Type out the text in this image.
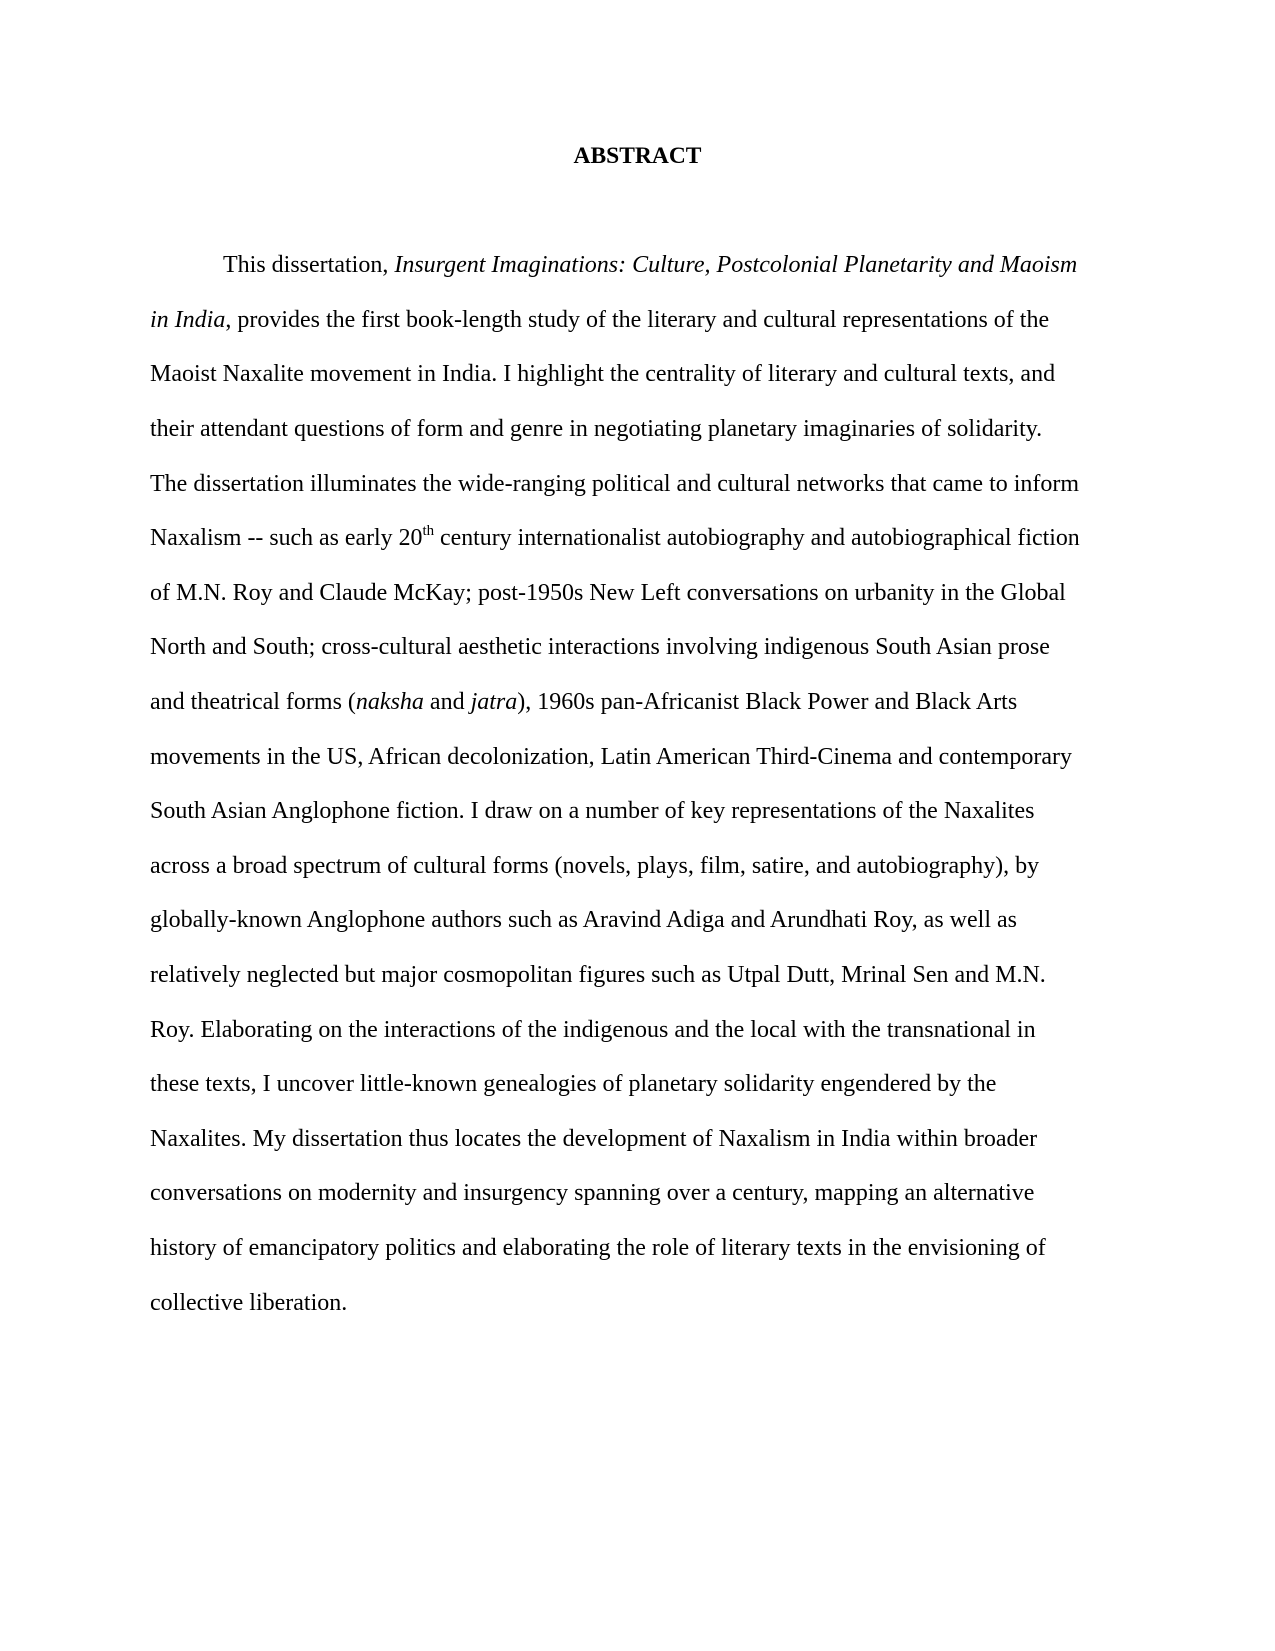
ABSTRACT

This dissertation, Insurgent Imaginations: Culture, Postcolonial Planetarity and Maoism

in India, provides the first book-length study of the literary and cultural representations of the

Maoist Naxalite movement in India. I highlight the centrality of literary and cultural texts, and

their attendant questions of form and genre in negotiating planetary imaginaries of solidarity.

The dissertation illuminates the wide-ranging political and cultural networks that came to inform

Naxalism -- such as early 20th century internationalist autobiography and autobiographical fiction

of M.N. Roy and Claude McKay; post-1950s New Left conversations on urbanity in the Global

North and South; cross-cultural aesthetic interactions involving indigenous South Asian prose

and theatrical forms (naksha and jatra), 1960s pan-Africanist Black Power and Black Arts

movements in the US, African decolonization, Latin American Third-Cinema and contemporary

South Asian Anglophone fiction. I draw on a number of key representations of the Naxalites

across a broad spectrum of cultural forms (novels, plays, film, satire, and autobiography), by

globally-known Anglophone authors such as Aravind Adiga and Arundhati Roy, as well as

relatively neglected but major cosmopolitan figures such as Utpal Dutt, Mrinal Sen and M.N.

Roy. Elaborating on the interactions of the indigenous and the local with the transnational in

these texts, I uncover little-known genealogies of planetary solidarity engendered by the

Naxalites. My dissertation thus locates the development of Naxalism in India within broader

conversations on modernity and insurgency spanning over a century, mapping an alternative

history of emancipatory politics and elaborating the role of literary texts in the envisioning of

collective liberation.
